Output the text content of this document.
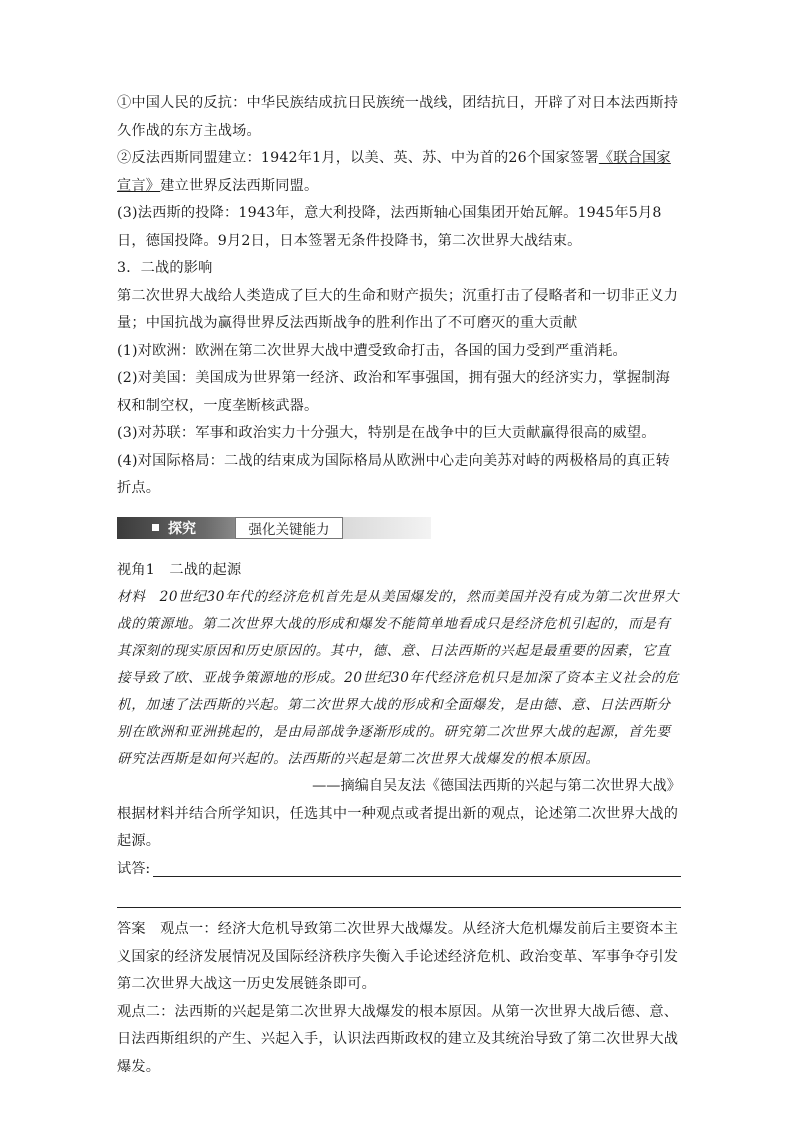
①中国人民的反抗：中华民族结成抗日民族统一战线，团结抗日，开辟了对日本法西斯持久作战的东方主战场。

②反法西斯同盟建立：1942年1月，以美、英、苏、中为首的26个国家签署《联合国家宣言》建立世界反法西斯同盟。

(3)法西斯的投降：1943年，意大利投降，法西斯轴心国集团开始瓦解。1945年5月8日，德国投降。9月2日，日本签署无条件投降书，第二次世界大战结束。

3．二战的影响

第二次世界大战给人类造成了巨大的生命和财产损失；沉重打击了侵略者和一切非正义力量；中国抗战为赢得世界反法西斯战争的胜利作出了不可磨灭的重大贡献

(1)对欧洲：欧洲在第二次世界大战中遭受致命打击，各国的国力受到严重消耗。

(2)对美国：美国成为世界第一经济、政治和军事强国，拥有强大的经济实力，掌握制海权和制空权，一度垄断核武器。

(3)对苏联：军事和政治实力十分强大，特别是在战争中的巨大贡献赢得很高的威望。

(4)对国际格局：二战的结束成为国际格局从欧洲中心走向美苏对峙的两极格局的真正转折点。

探究	强化关键能力

视角1　二战的起源

材料　20世纪30年代的经济危机首先是从美国爆发的，然而美国并没有成为第二次世界大战的策源地。第二次世界大战的形成和爆发不能简单地看成只是经济危机引起的，而是有其深刻的现实原因和历史原因的。其中，德、意、日法西斯的兴起是最重要的因素，它直接导致了欧、亚战争策源地的形成。20世纪30年代经济危机只是加深了资本主义社会的危机，加速了法西斯的兴起。第二次世界大战的形成和全面爆发，是由德、意、日法西斯分别在欧洲和亚洲挑起的，是由局部战争逐渐形成的。研究第二次世界大战的起源，首先要研究法西斯是如何兴起的。法西斯的兴起是第二次世界大战爆发的根本原因。

——摘编自吴友法《德国法西斯的兴起与第二次世界大战》

根据材料并结合所学知识，任选其中一种观点或者提出新的观点，论述第二次世界大战的起源。

试答:

答案　观点一：经济大危机导致第二次世界大战爆发。从经济大危机爆发前后主要资本主义国家的经济发展情况及国际经济秩序失衡入手论述经济危机、政治变革、军事争夺引发第二次世界大战这一历史发展链条即可。

观点二：法西斯的兴起是第二次世界大战爆发的根本原因。从第一次世界大战后德、意、日法西斯组织的产生、兴起入手，认识法西斯政权的建立及其统治导致了第二次世界大战爆发。
